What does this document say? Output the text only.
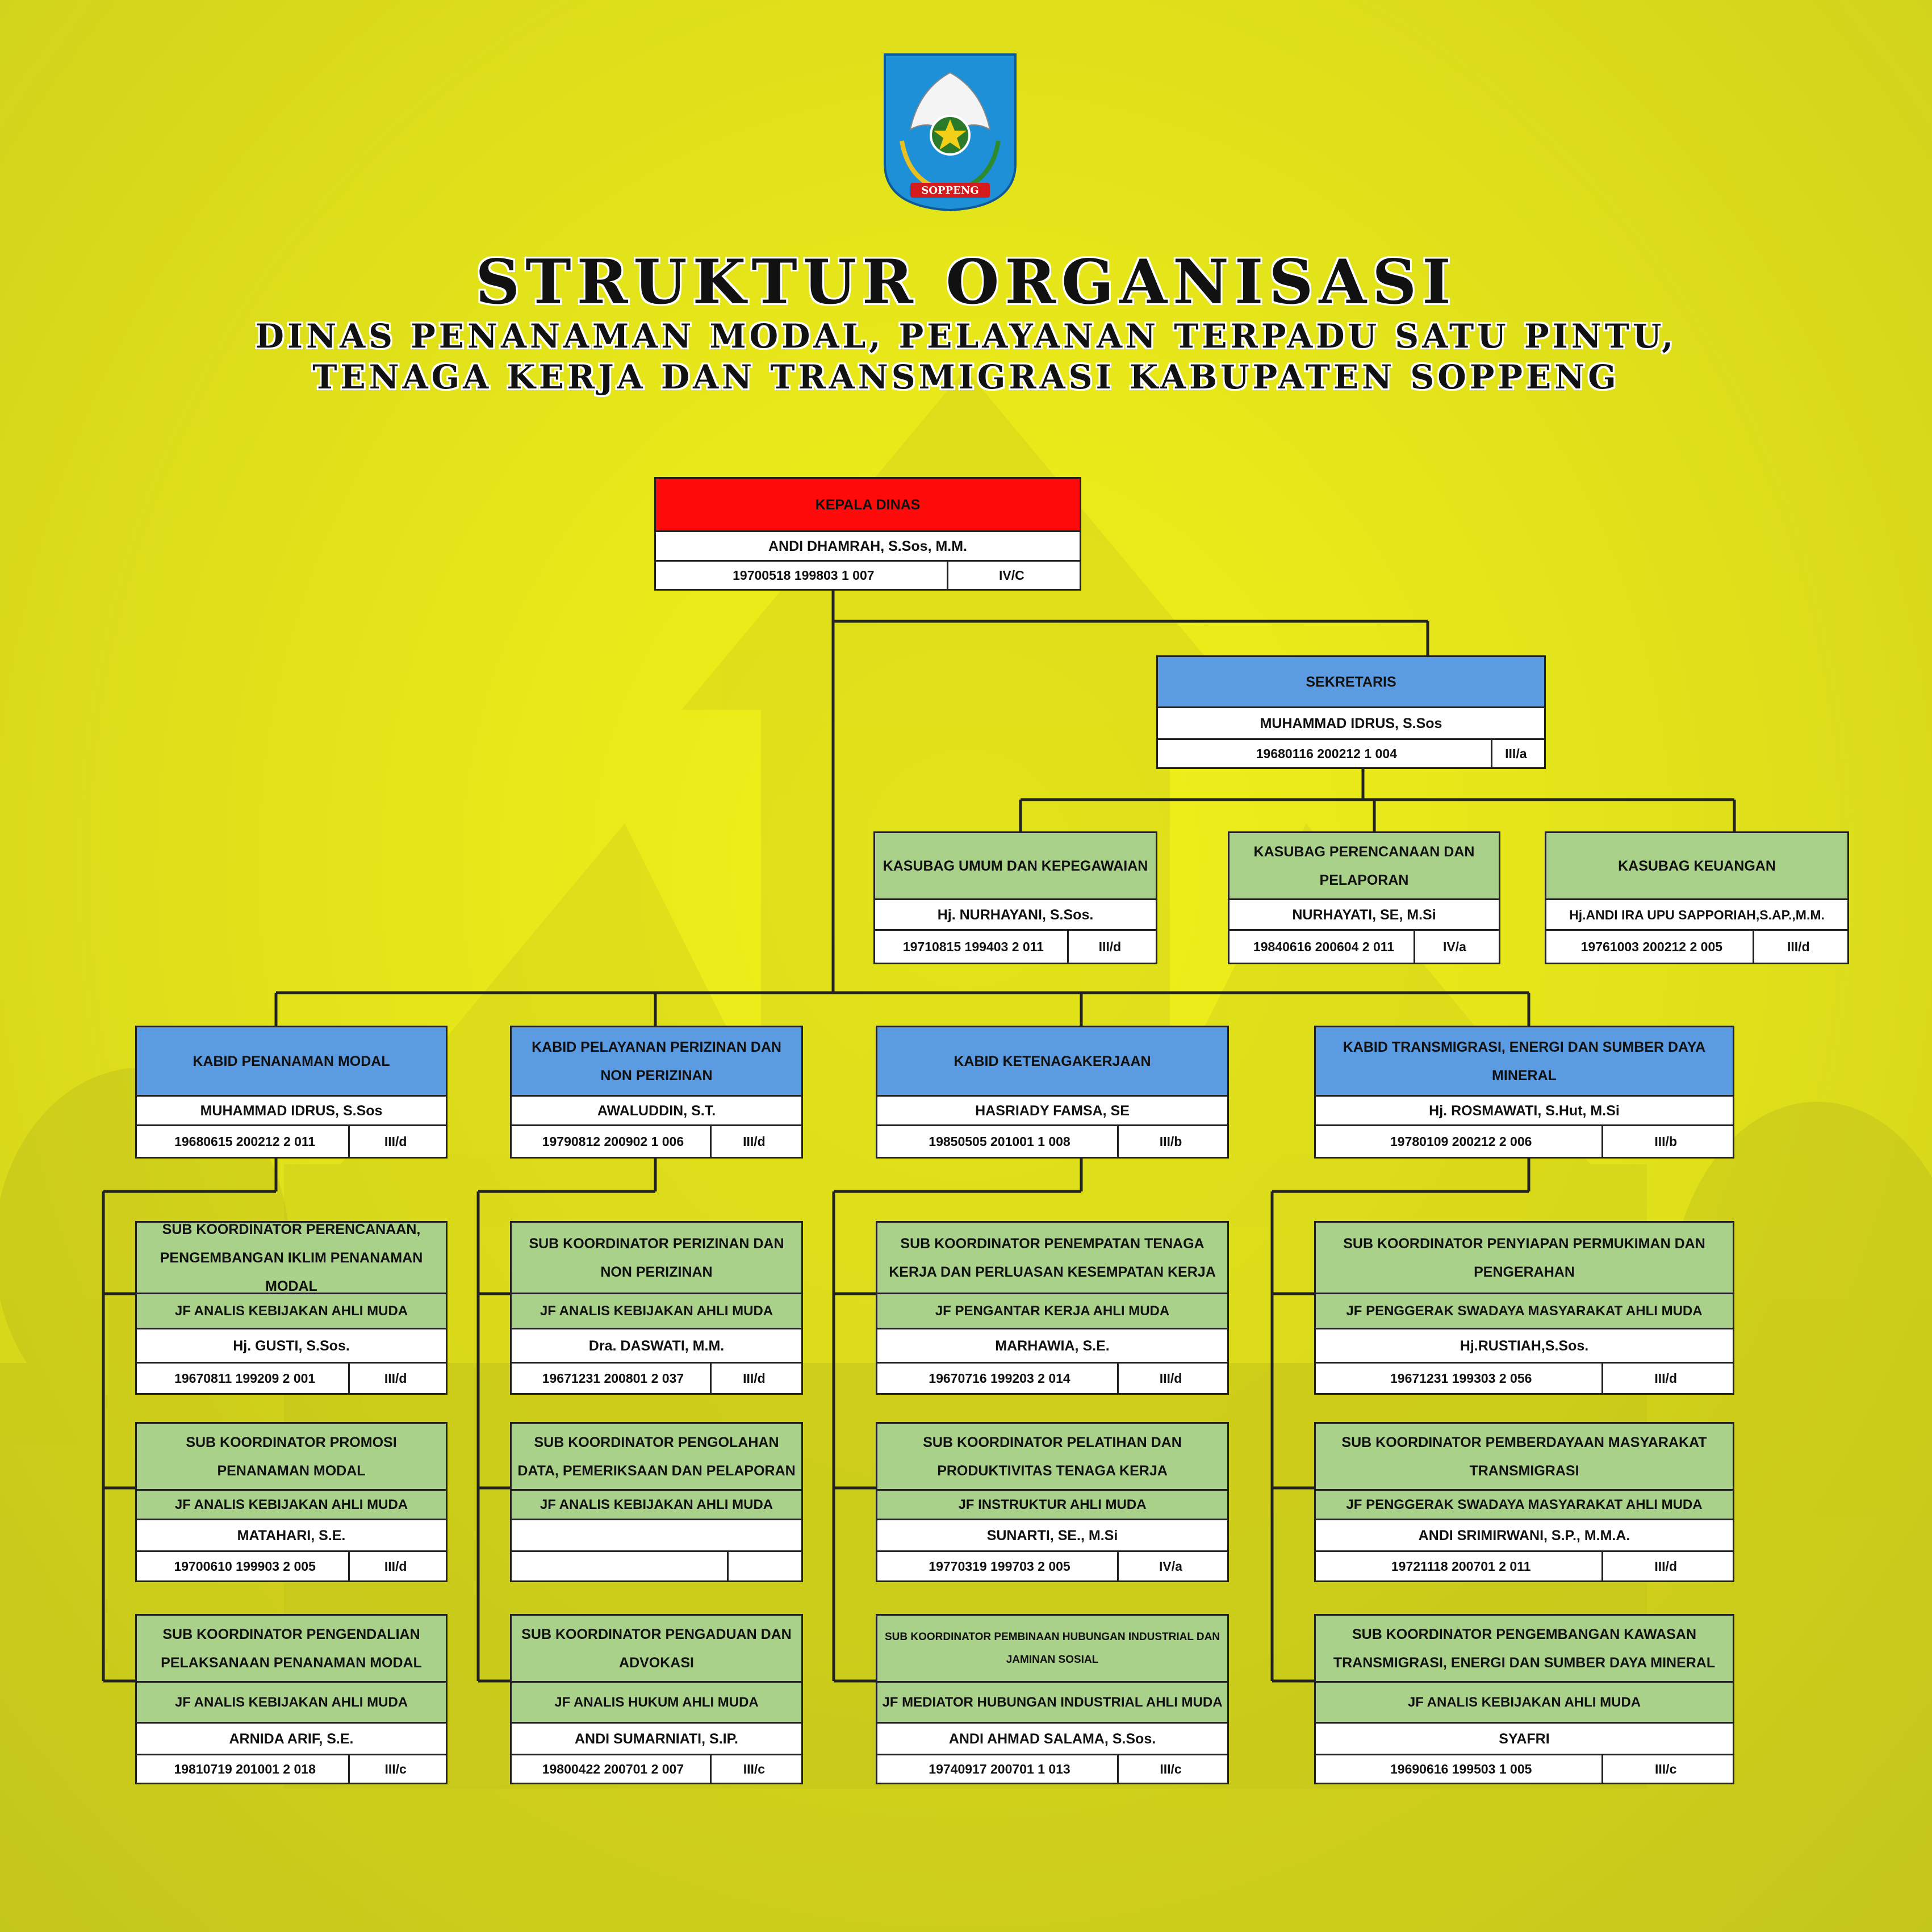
SOPPENG
STRUKTUR ORGANISASI
DINAS PENANAMAN MODAL, PELAYANAN TERPADU SATU PINTU,
TENAGA KERJA DAN TRANSMIGRASI KABUPATEN SOPPENG
KEPALA DINAS
ANDI DHAMRAH, S.Sos, M.M.
19700518 199803 1 007	IV/C
SEKRETARIS
MUHAMMAD IDRUS, S.Sos
19680116 200212 1 004	III/a
KASUBAG UMUM DAN KEPEGAWAIAN
Hj. NURHAYANI, S.Sos.
19710815 199403 2 011	III/d
KASUBAG PERENCANAAN DAN PELAPORAN
NURHAYATI, SE, M.Si
19840616 200604 2 011	IV/a
KASUBAG KEUANGAN
Hj.ANDI IRA UPU SAPPORIAH,S.AP.,M.M.
19761003 200212 2 005	III/d
KABID PENANAMAN MODAL
MUHAMMAD IDRUS, S.Sos
19680615 200212 2 011	III/d
KABID PELAYANAN PERIZINAN DAN NON PERIZINAN
AWALUDDIN, S.T.
19790812 200902 1 006	III/d
KABID KETENAGAKERJAAN
HASRIADY FAMSA, SE
19850505 201001 1 008	III/b
KABID TRANSMIGRASI, ENERGI DAN SUMBER DAYA MINERAL
Hj. ROSMAWATI, S.Hut, M.Si
19780109 200212 2 006	III/b
SUB KOORDINATOR PERENCANAAN, PENGEMBANGAN IKLIM PENANAMAN MODAL
JF ANALIS KEBIJAKAN AHLI MUDA
Hj. GUSTI, S.Sos.
19670811 199209 2 001	III/d
SUB KOORDINATOR PROMOSI PENANAMAN MODAL
JF ANALIS KEBIJAKAN AHLI MUDA
MATAHARI, S.E.
19700610 199903 2 005	III/d
SUB KOORDINATOR PENGENDALIAN PELAKSANAAN PENANAMAN MODAL
JF ANALIS KEBIJAKAN AHLI MUDA
ARNIDA ARIF, S.E.
19810719 201001 2 018	III/c
SUB KOORDINATOR PERIZINAN DAN NON PERIZINAN
JF ANALIS KEBIJAKAN AHLI MUDA
Dra. DASWATI, M.M.
19671231 200801 2 037	III/d
SUB KOORDINATOR PENGOLAHAN DATA, PEMERIKSAAN DAN PELAPORAN
JF ANALIS KEBIJAKAN AHLI MUDA
SUB KOORDINATOR PENGADUAN DAN ADVOKASI
JF ANALIS HUKUM AHLI MUDA
ANDI SUMARNIATI, S.IP.
19800422 200701 2 007	III/c
SUB KOORDINATOR PENEMPATAN TENAGA KERJA DAN PERLUASAN KESEMPATAN KERJA
JF PENGANTAR KERJA AHLI MUDA
MARHAWIA, S.E.
19670716 199203 2 014	III/d
SUB KOORDINATOR PELATIHAN DAN PRODUKTIVITAS TENAGA KERJA
JF INSTRUKTUR AHLI MUDA
SUNARTI, SE., M.Si
19770319 199703 2 005	IV/a
SUB KOORDINATOR PEMBINAAN HUBUNGAN INDUSTRIAL DAN JAMINAN SOSIAL
JF MEDIATOR HUBUNGAN INDUSTRIAL AHLI MUDA
ANDI AHMAD SALAMA, S.Sos.
19740917 200701 1 013	III/c
SUB KOORDINATOR PENYIAPAN PERMUKIMAN DAN PENGERAHAN
JF PENGGERAK SWADAYA MASYARAKAT AHLI MUDA
Hj.RUSTIAH,S.Sos.
19671231 199303 2 056	III/d
SUB KOORDINATOR PEMBERDAYAAN MASYARAKAT TRANSMIGRASI
JF PENGGERAK SWADAYA MASYARAKAT AHLI MUDA
ANDI SRIMIRWANI, S.P., M.M.A.
19721118 200701 2 011	III/d
SUB KOORDINATOR PENGEMBANGAN KAWASAN TRANSMIGRASI, ENERGI DAN SUMBER DAYA MINERAL
JF ANALIS KEBIJAKAN AHLI MUDA
SYAFRI
19690616 199503 1 005	III/c
